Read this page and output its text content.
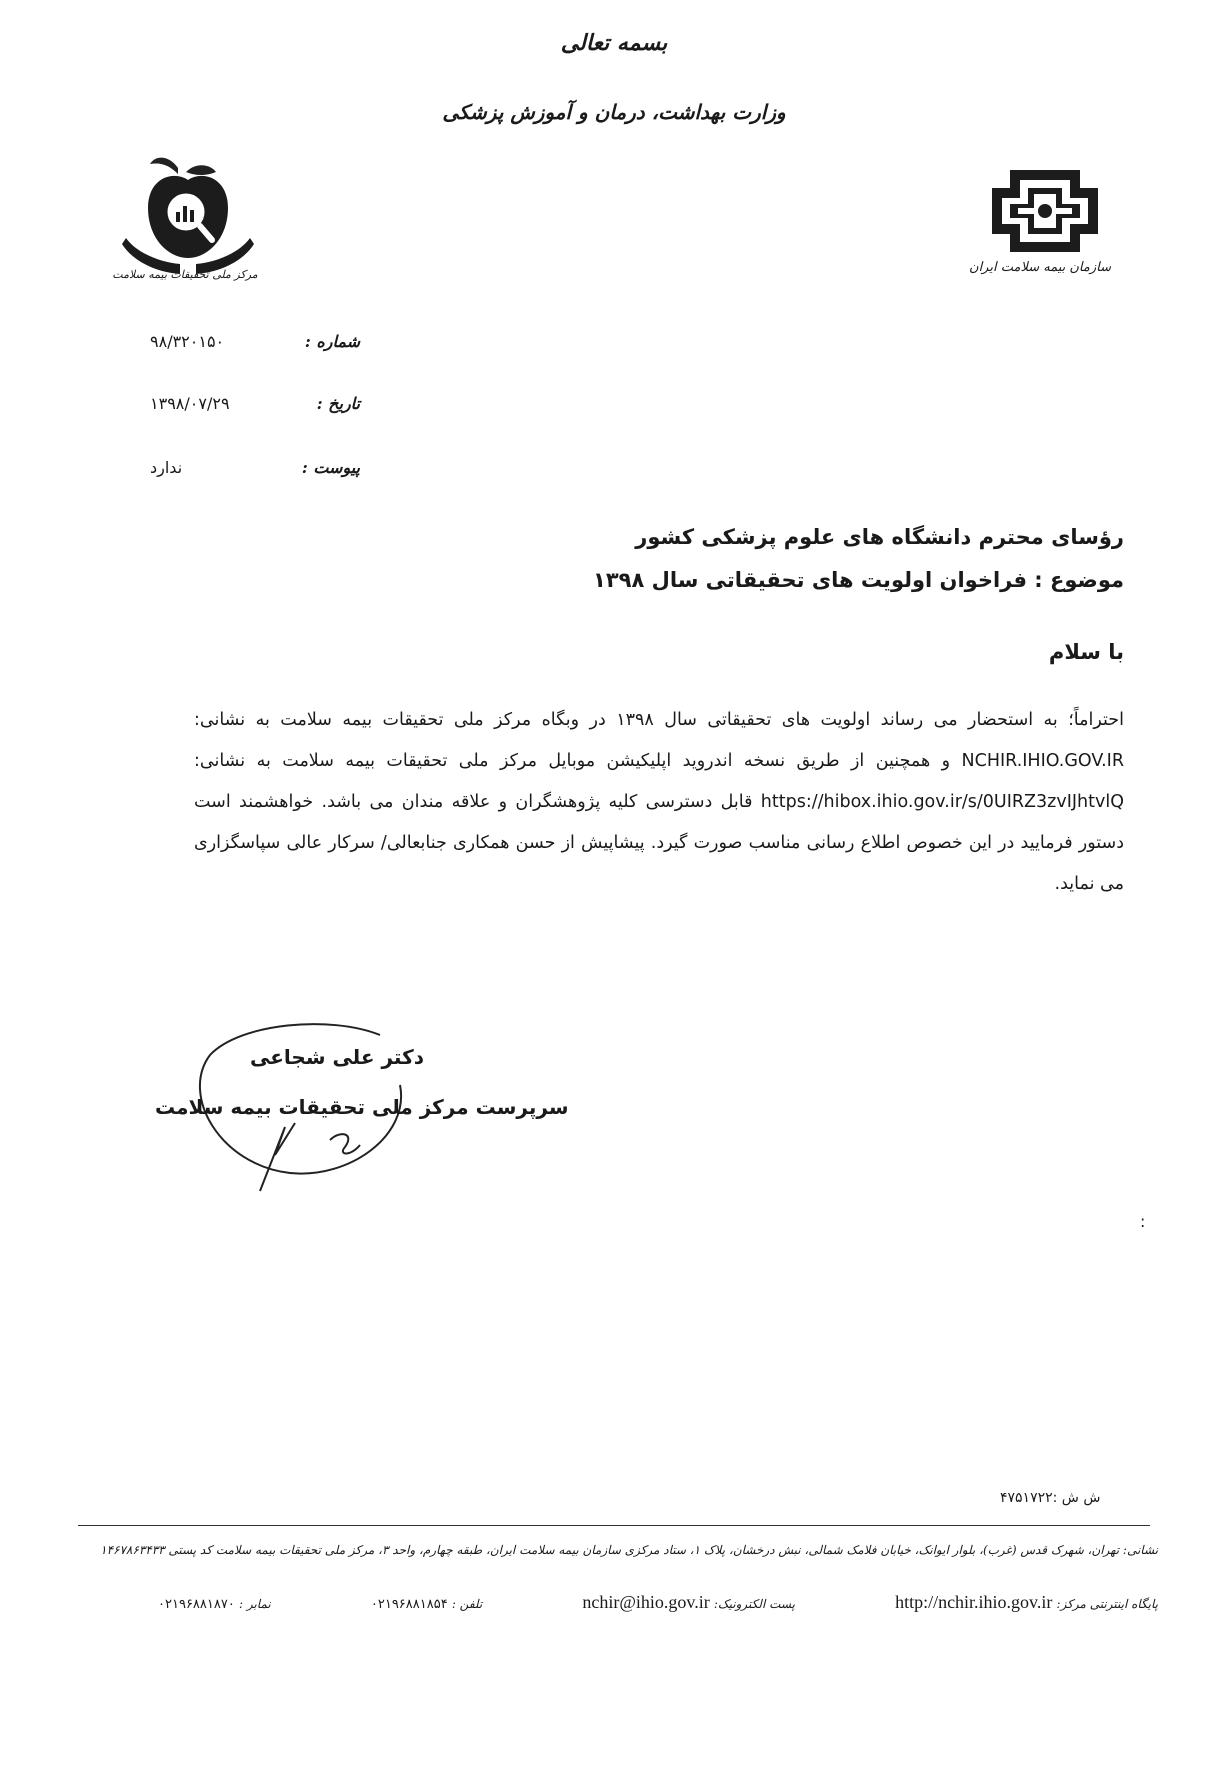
بسمه تعالی
وزارت بهداشت، درمان و آموزش پزشکی
مرکز ملی تحقیقات بیمه سلامت	سازمان بیمه سلامت ایران
شماره :
۹۸/۳۲۰۱۵۰
تاریخ :
۱۳۹۸/۰۷/۲۹
پیوست :
ندارد
رؤسای محترم دانشگاه های علوم پزشکی کشور
موضوع : فراخوان اولویت های تحقیقاتی سال ۱۳۹۸
با سلام
احتراماً؛ به استحضار می رساند اولویت های تحقیقاتی سال ۱۳۹۸ در وبگاه مرکز ملی تحقیقات بیمه سلامت به نشانی: NCHIR.IHIO.GOV.IR و همچنین از طریق نسخه اندروید اپلیکیشن موبایل مرکز ملی تحقیقات بیمه سلامت به نشانی: https://hibox.ihio.gov.ir/s/0UIRZ3zvIJhtvlQ قابل دسترسی کلیه پژوهشگران و علاقه مندان می باشد. خواهشمند است دستور فرمایید در این خصوص اطلاع رسانی مناسب صورت گیرد. پیشاپیش از حسن همکاری جنابعالی/ سرکار عالی سپاسگزاری می نماید.
دکتر علی شجاعی
سرپرست مرکز ملی تحقیقات بیمه سلامت
:
ش ش :۴۷۵۱۷۲۲
نشانی: تهران، شهرک قدس (غرب)، بلوار ایوانک، خیابان فلامک شمالی، نبش درخشان، پلاک ۱، ستاد مرکزی سازمان بیمه سلامت ایران، طبقه چهارم، واحد ۳، مرکز ملی تحقیقات بیمه سلامت کد پستی ۱۴۶۷۸۶۳۴۳۳
پایگاه اینترنتی مرکز: http://nchir.ihio.gov.ir
پست الکترونیک: nchir@ihio.gov.ir
تلفن : ۰۲۱۹۶۸۸۱۸۵۴
نمابر : ۰۲۱۹۶۸۸۱۸۷۰
